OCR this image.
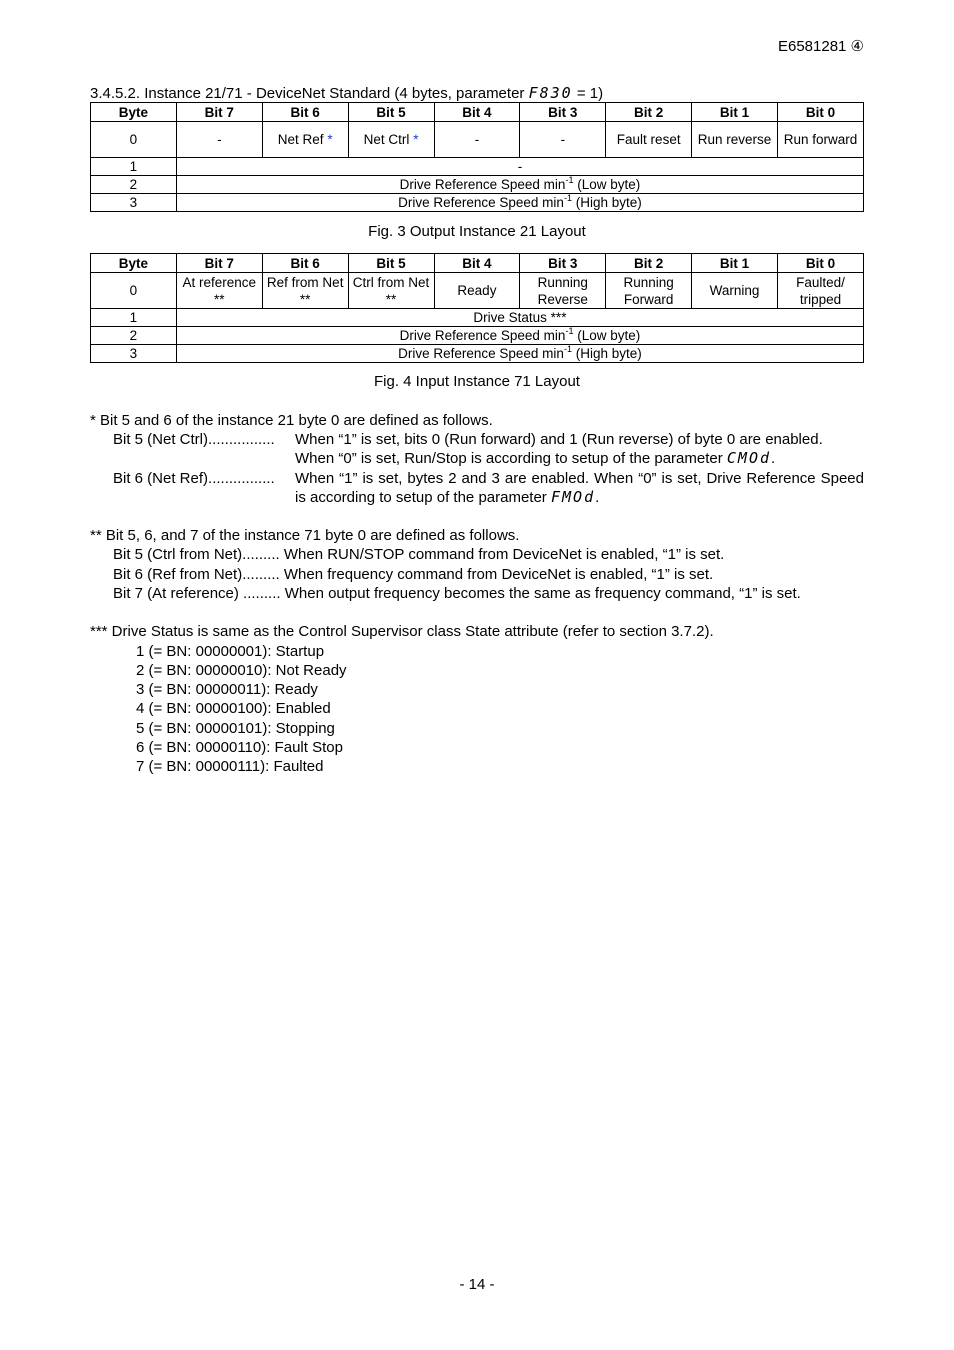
E6581281 ④
3.4.5.2. Instance 21/71 - DeviceNet Standard (4 bytes, parameter F830 = 1)
Byte	Bit 7	Bit 6	Bit 5	Bit 4	Bit 3	Bit 2	Bit 1	Bit 0
0	-	Net Ref *	Net Ctrl *	-	-	Fault reset	Run reverse	Run forward
1	-							
2	Drive Reference Speed $\min^{-1} (Low$ byte)							
3	Drive Reference Speed $\min^{-1}$ (High byte)							
Fig. 3 Output Instance 21 Layout
Byte	Bit 7	Bit 6	Bit 5	Bit 4	Bit 3	Bit 2	Bit 1	Bit 0
0	At reference **	Ref from Net **	Ctrl from Net **	Ready	Running Reverse	Running Forward	Warning	Faulted/ tripped
1	Drive Status ***							
2	Drive Reference Speed $\min^{-1} (Low$ byte)							
3	Drive Reference Speed $\min^{-1}$ (High byte)							
Fig. 4 Input Instance 71 Layout
* Bit 5 and 6 of the instance 21 byte 0 are defined as follows.
Bit 5 (Net Ctrl)................ When “1” is set, bits 0 (Run forward) and 1 (Run reverse) of byte 0 are enabled.
When “0” is set, Run/Stop is according to setup of the parameter CMOd.
Bit 6 (Net Ref)................ When “1” is set, bytes 2 and 3 are enabled. When “0” is set, Drive Reference Speed is according to setup of the parameter FMOd.
** Bit 5, 6, and 7 of the instance 71 byte 0 are defined as follows.
Bit 5 (Ctrl from Net)......... When RUN/STOP command from DeviceNet is enabled, “1” is set.
Bit 6 (Ref from Net)......... When frequency command from DeviceNet is enabled, “1” is set.
Bit 7 (At reference) ......... When output frequency becomes the same as frequency command, “1” is set.
*** Drive Status is same as the Control Supervisor class State attribute (refer to section 3.7.2).
1 (= BN: 00000001): Startup
2 (= BN: 00000010): Not Ready
3 (= BN: 00000011): Ready
4 (= BN: 00000100): Enabled
5 (= BN: 00000101): Stopping
6 (= BN: 00000110): Fault Stop
7 (= BN: 00000111): Faulted
- 14 -
